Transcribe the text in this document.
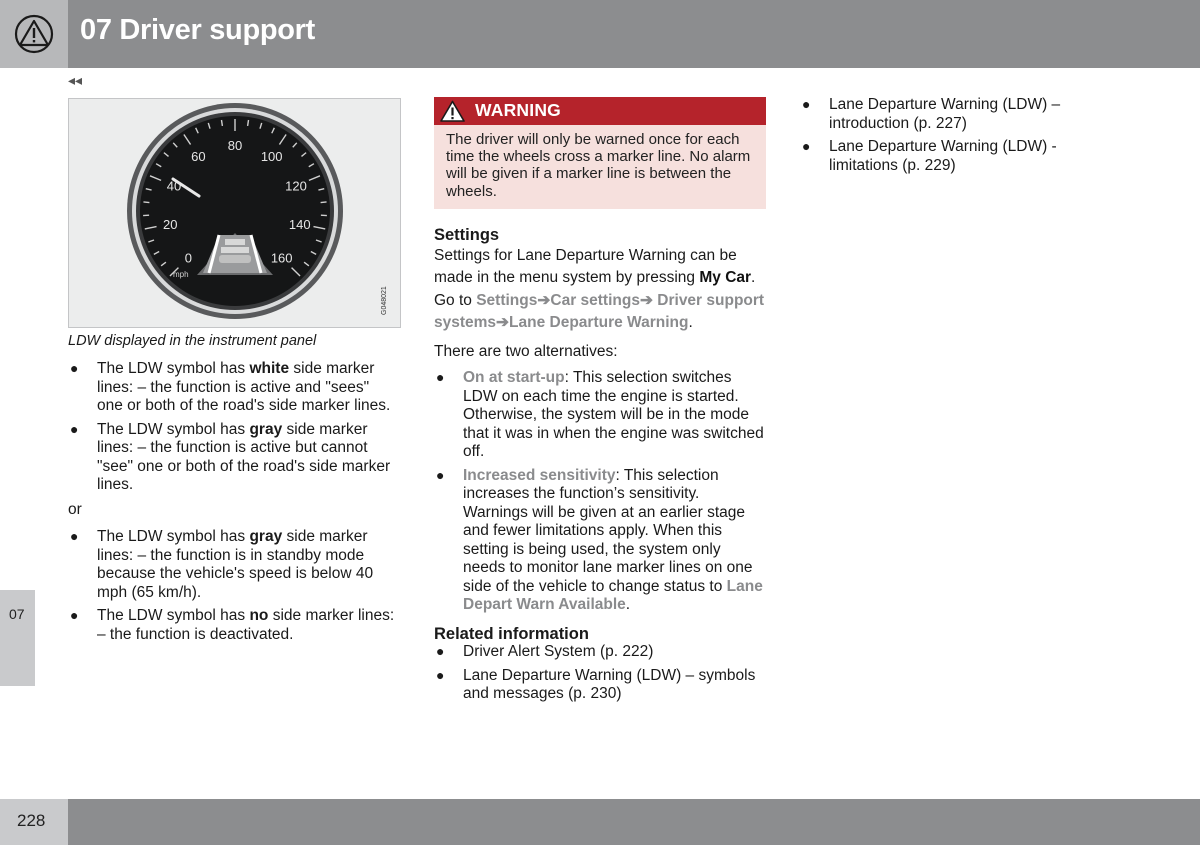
07 Driver support
◂◂
07
0
20
40
60
80
100
120
140
160
mph
G048021
LDW displayed in the instrument panel
● The LDW symbol has white side marker lines: – the function is active and "sees" one or both of the road's side marker lines.
● The LDW symbol has gray side marker lines: – the function is active but cannot "see" one or both of the road's side marker lines.
or
● The LDW symbol has gray side marker lines: – the function is in standby mode because the vehicle's speed is below 40 mph (65 km/h).
● The LDW symbol has no side marker lines: – the function is deactivated.
WARNING
The driver will only be warned once for each time the wheels cross a marker line. No alarm will be given if a marker line is between the wheels.
Settings
Settings for Lane Departure Warning can be made in the menu system by pressing My Car. Go to Settings➔Car settings➔ Driver support systems➔Lane Departure Warning.
There are two alternatives:
● On at start-up: This selection switches LDW on each time the engine is started. Otherwise, the system will be in the mode that it was in when the engine was switched off.
● Increased sensitivity: This selection increases the function’s sensitivity. Warnings will be given at an earlier stage and fewer limitations apply. When this setting is being used, the system only needs to monitor lane marker lines on one side of the vehicle to change status to Lane Depart Warn Available.
Related information
● Driver Alert System (p. 222)
● Lane Departure Warning (LDW) – symbols and messages (p. 230)
● Lane Departure Warning (LDW) – introduction (p. 227)
● Lane Departure Warning (LDW) - limitations (p. 229)
228
